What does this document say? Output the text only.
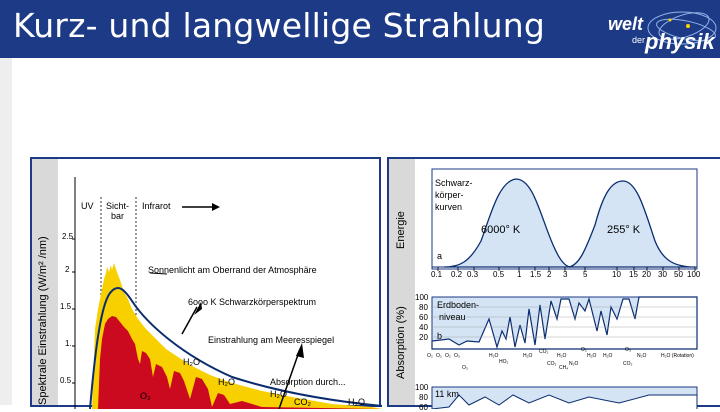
Kurz- und langwellige Strahlung	welt
der physik
Spektrale Einstrahlung (W/m² /nm) 2.5
2
1.5
1.
0.5
UV Sicht-
bar
Infrarot
Sonnenlicht am Oberrand der Atmosphäre
6ooo K Schwarzkörperspektrum
Einstrahlung am Meeresspiegel
H₂O
H₂O
O₃
Absorption durch...
H₂O
CO₂	H₂O
Energie
Absorption (%)
Schwarz-
körper-
kurven
6000° K	255° K
a
0.1 0.2 0.3 0.5 1 1.5 2 3 5	10 15 20 30 50 100
100
80
60
40
20
Erdboden-
niveau
b
O₂ O₂ O₂ O₃
O₃
H₂O
HO₂
H₂O
CO₂
H₂O
CO₂
CH₄
N₂O
O₂
H₂O H₂O
O₃
CO₂
N₂O	H₂O (Rotation)
11 km
100
80
60
